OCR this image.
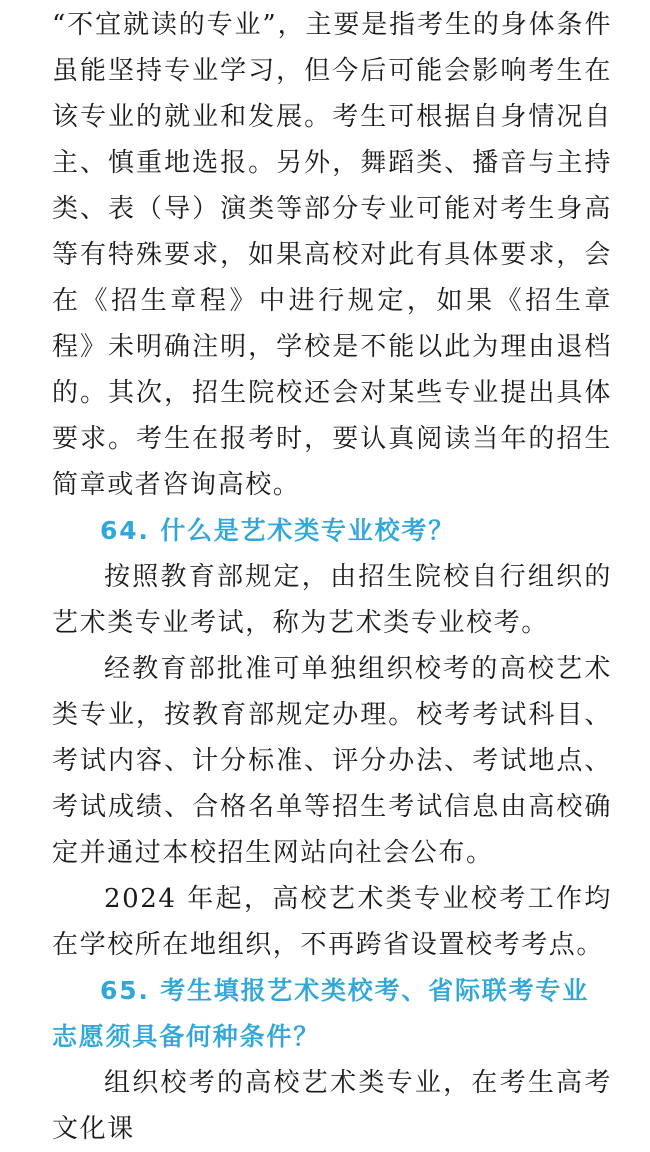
“不宜就读的专业”，主要是指考生的身体条件虽能坚持专业学习，但今后可能会影响考生在该专业的就业和发展。考生可根据自身情况自主、慎重地选报。另外，舞蹈类、播音与主持类、表（导）演类等部分专业可能对考生身高等有特殊要求，如果高校对此有具体要求，会在《招生章程》中进行规定，如果《招生章程》未明确注明，学校是不能以此为理由退档的。其次，招生院校还会对某些专业提出具体要求。考生在报考时，要认真阅读当年的招生简章或者咨询高校。

64. 什么是艺术类专业校考？

按照教育部规定，由招生院校自行组织的艺术类专业考试，称为艺术类专业校考。

经教育部批准可单独组织校考的高校艺术类专业，按教育部规定办理。校考考试科目、考试内容、计分标准、评分办法、考试地点、考试成绩、合格名单等招生考试信息由高校确定并通过本校招生网站向社会公布。

2024 年起，高校艺术类专业校考工作均在学校所在地组织，不再跨省设置校考考点。

65. 考生填报艺术类校考、省际联考专业志愿须具备何种条件？

组织校考的高校艺术类专业，在考生高考文化课
